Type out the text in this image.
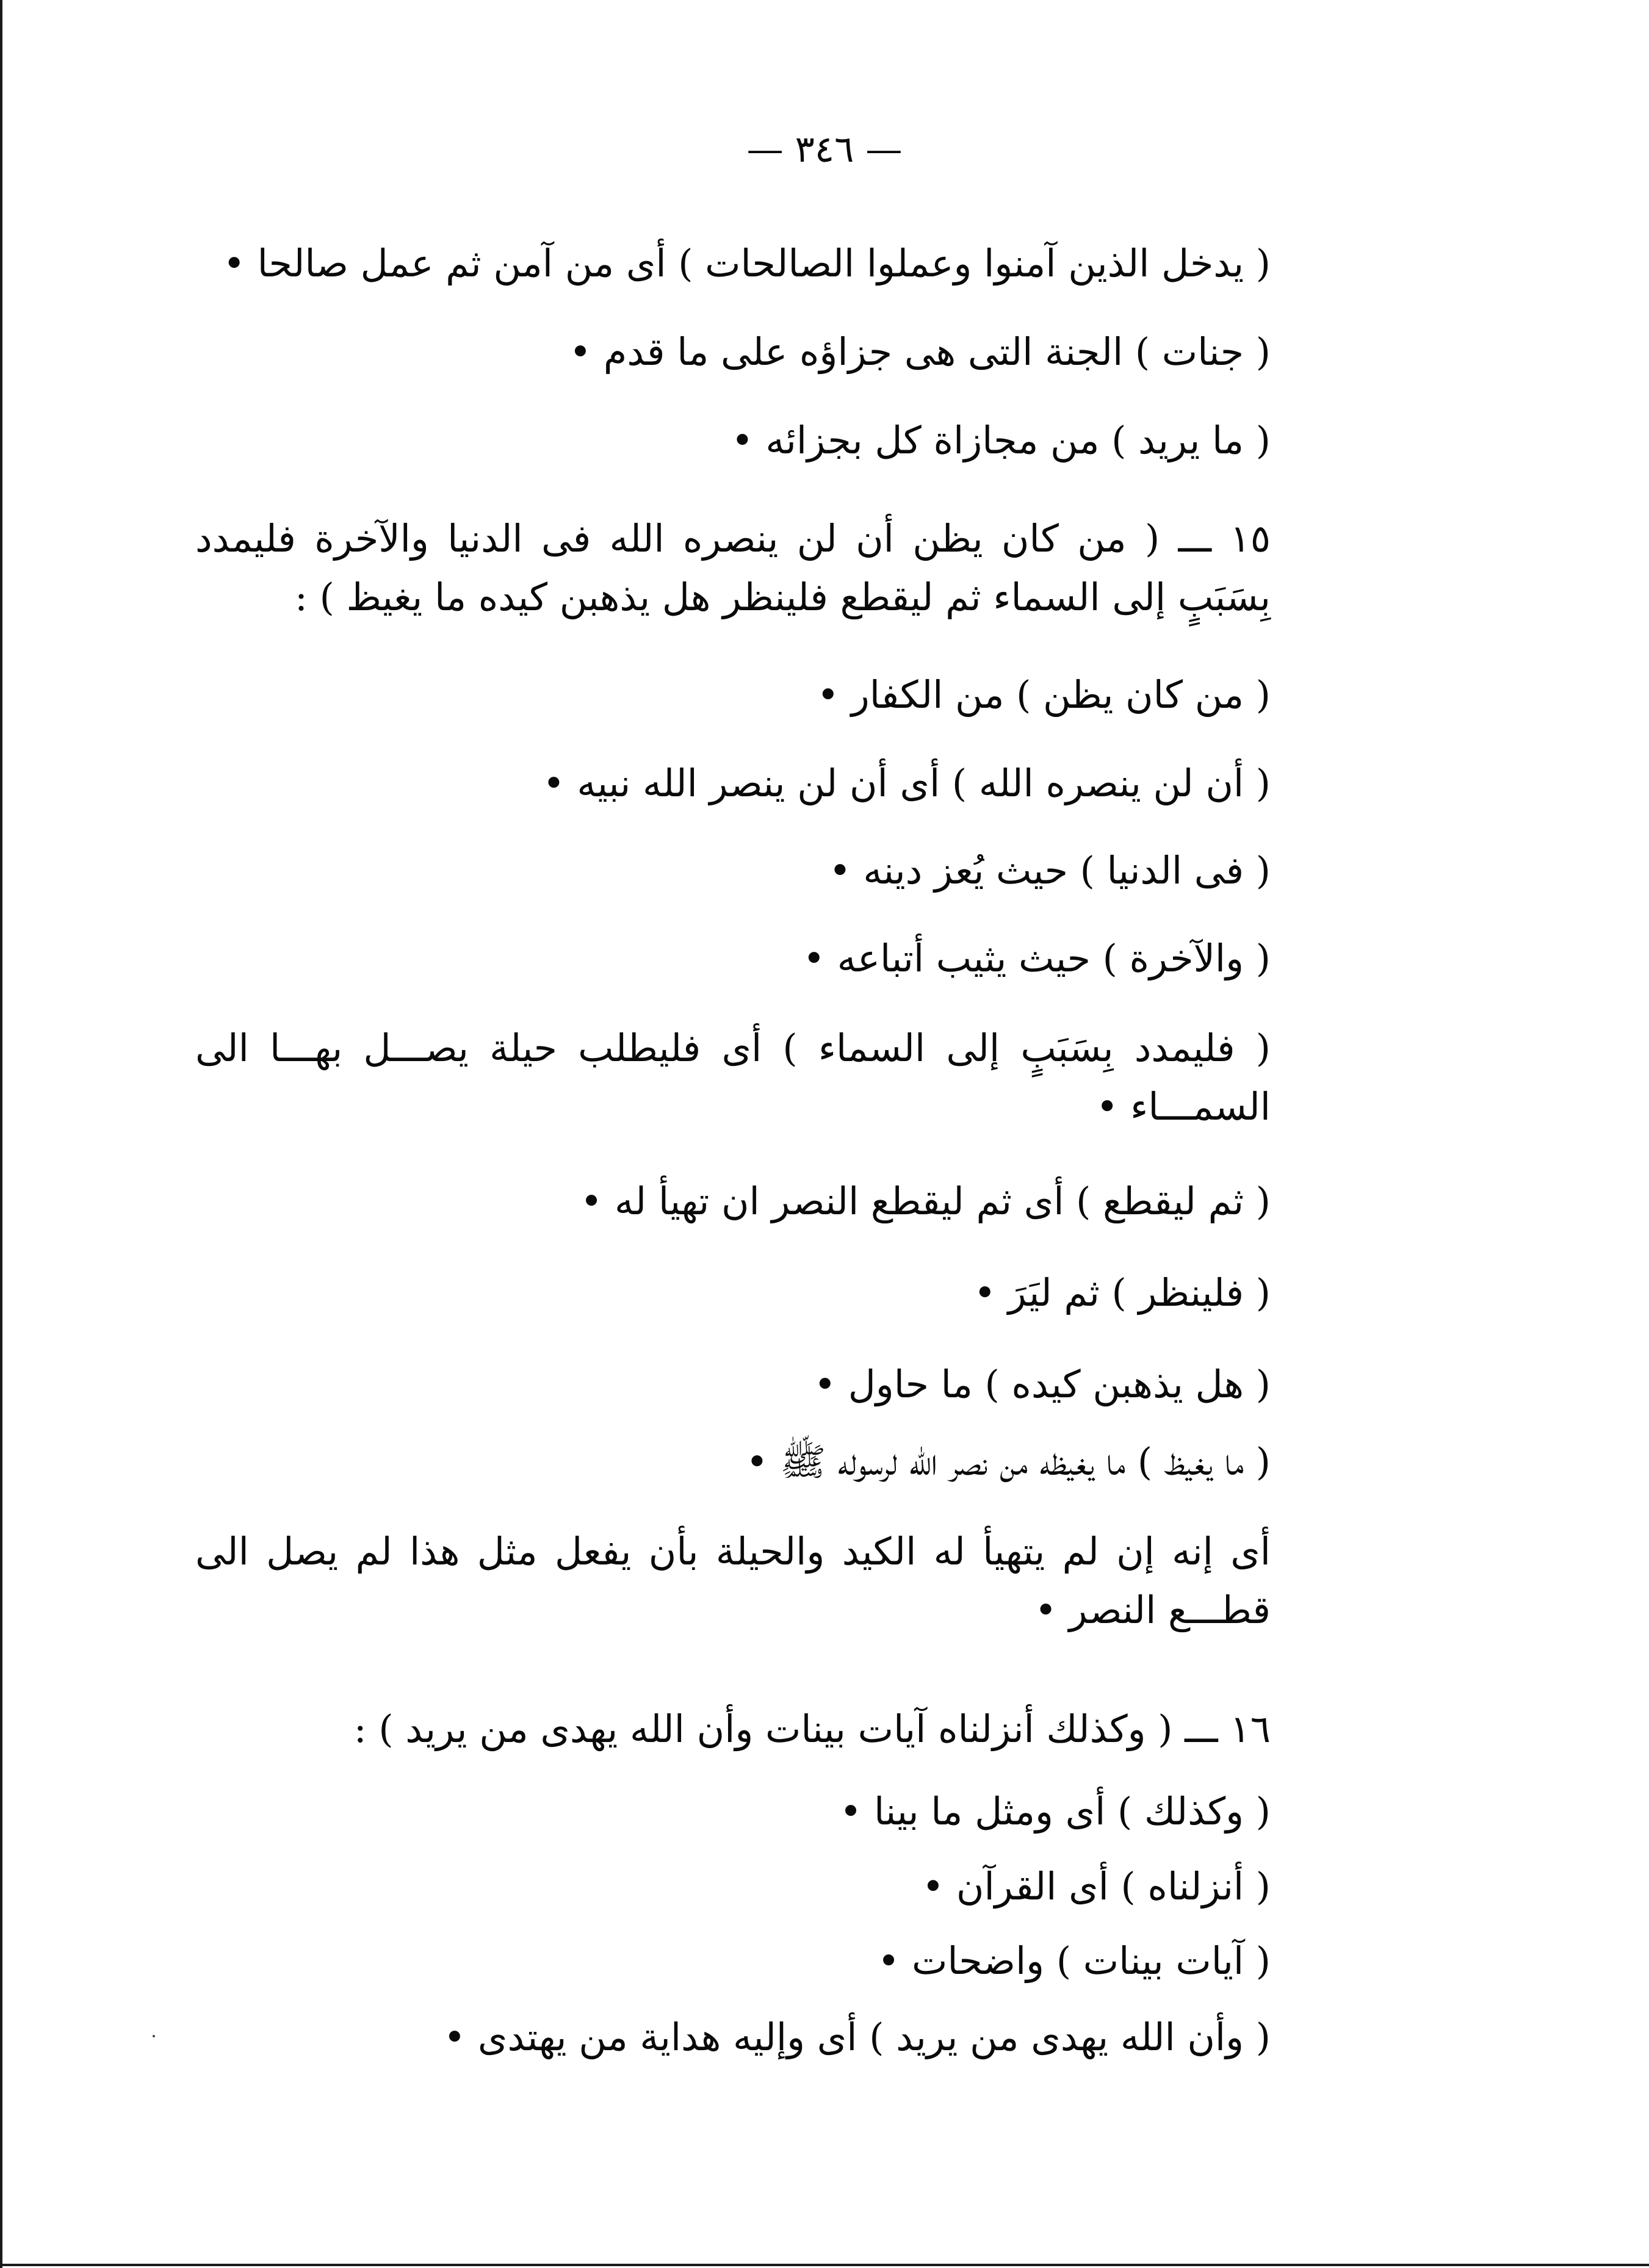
— ٣٤٦ —
( يدخل الذين آمنوا وعملوا الصالحات ) أى من آمن ثم عمل صالحا •
( جنات ) الجنة التى هى جزاؤه على ما قدم •
( ما يريد ) من مجازاة كل بجزائه •
١٥ ـــ ( من كان يظن أن لن ينصره الله فى الدنيا والآخرة فليمدد بِسَبَبٍ إلى السماء ثم ليقطع فلينظر هل يذهبن كيده ما يغيظ ) :
( من كان يظن ) من الكفار •
( أن لن ينصره الله ) أى أن لن ينصر الله نبيه •
( فى الدنيا ) حيث يُعز دينه •
( والآخرة ) حيث يثيب أتباعه •
( فليمدد بِسَبَبٍ إلى السماء ) أى فليطلب حيلة يصـــل بهـــا الى السمـــاء •
( ثم ليقطع ) أى ثم ليقطع النصر ان تهيأ له •
( فلينظر ) ثم ليَرَ •
( هل يذهبن كيده ) ما حاول •
( ما يغيظ ) ما يغيظه من نصر الله لرسوله ﷺ •
أى إنه إن لم يتهيأ له الكيد والحيلة بأن يفعل مثل هذا لم يصل الى قطـــع النصر •
١٦ ـــ ( وكذلك أنزلناه آيات بينات وأن الله يهدى من يريد ) :
( وكذلك ) أى ومثل ما بينا •
( أنزلناه ) أى القرآن •
( آيات بينات ) واضحات •
( وأن الله يهدى من يريد ) أى وإليه هداية من يهتدى •
